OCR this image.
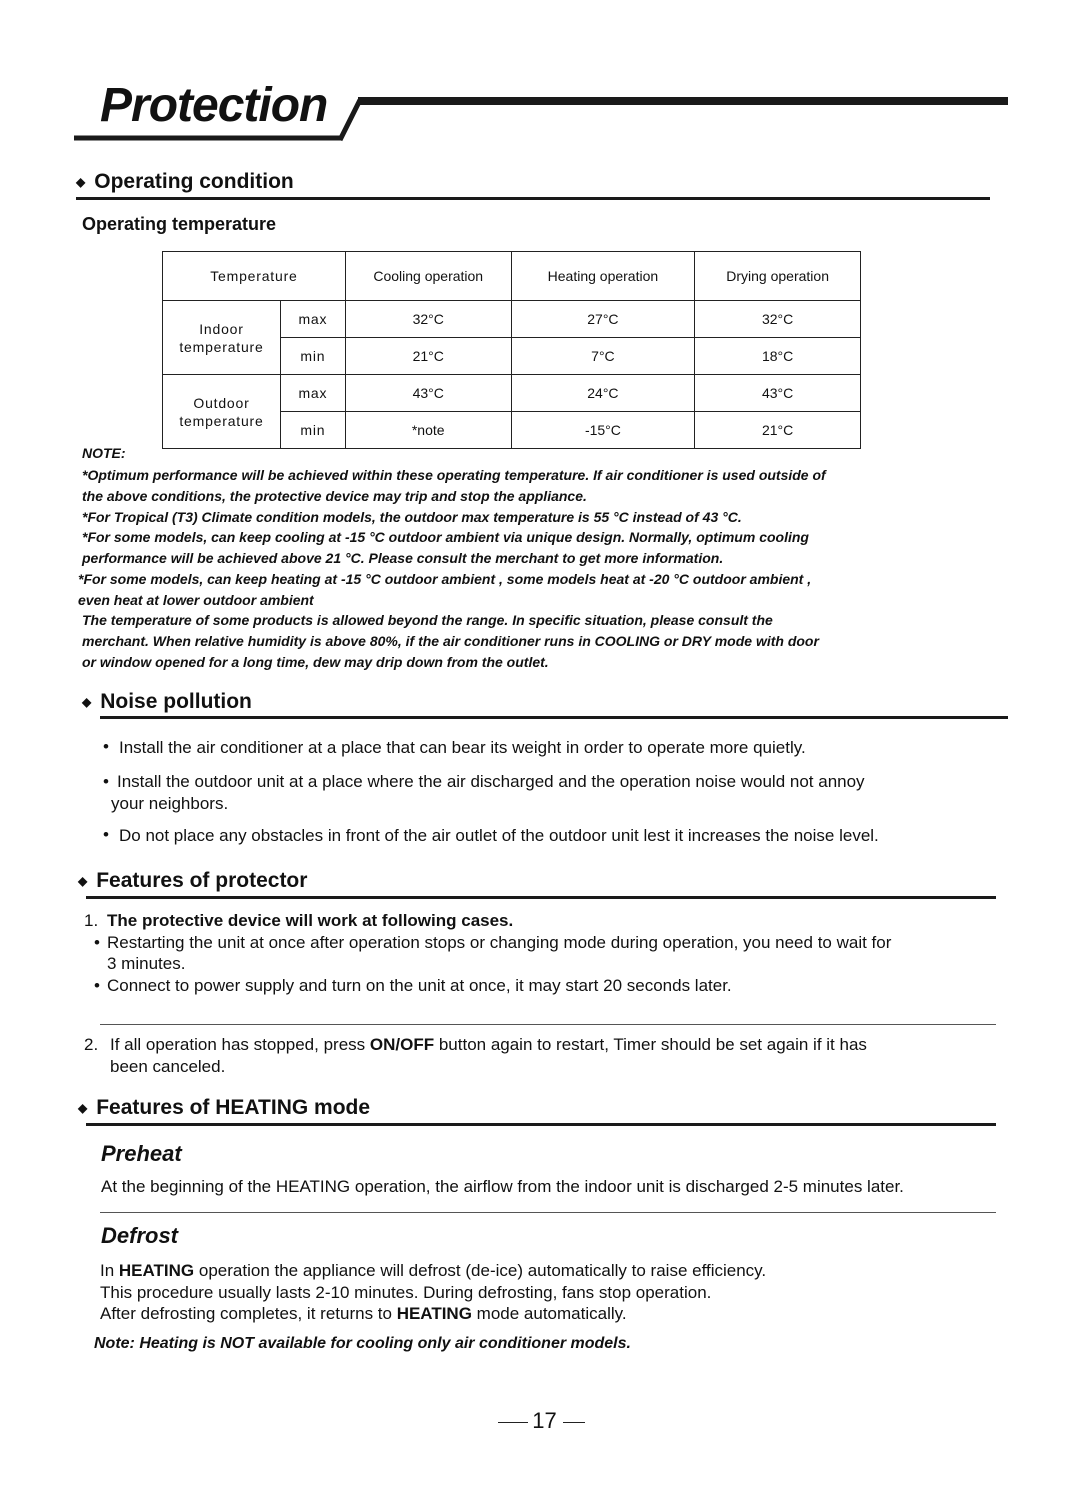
Protection
◆ Operating condition
Operating temperature
Temperature		Cooling operation	Heating operation	Drying operation
Indoor temperature	max	32°C	27°C	32°C
	min	21°C	7°C	18°C
Outdoor temperature	max	43°C	24°C	43°C
	min	*note	-15°C	21°C
NOTE:
*Optimum performance will be achieved within these operating temperature. If air conditioner is used outside of
the above conditions, the protective device may trip and stop the appliance.
*For Tropical (T3) Climate condition models, the outdoor max temperature is 55 °C instead of 43 °C.
*For some models, can keep cooling at -15 °C outdoor ambient via unique design. Normally, optimum cooling
performance will be achieved above 21 °C. Please consult the merchant to get more information.
*For some models, can keep heating at -15 °C outdoor ambient , some models heat at -20 °C outdoor ambient ,
even heat at lower outdoor ambient
The temperature of some products is allowed beyond the range. In specific situation, please consult the
merchant. When relative humidity is above 80%, if the air conditioner runs in COOLING or DRY mode with door
or window opened for a long time, dew may drip down from the outlet.
◆ Noise pollution
• Install the air conditioner at a place that can bear its weight in order to operate more quietly.
• Install the outdoor unit at a place where the air discharged and the operation noise would not annoy
your neighbors.
• Do not place any obstacles in front of the air outlet of the outdoor unit lest it increases the noise level.
◆ Features of protector
1. The protective device will work at following cases.
• Restarting the unit at once after operation stops or changing mode during operation, you need to wait for
3 minutes.
• Connect to power supply and turn on the unit at once, it may start 20 seconds later.
2. If all operation has stopped, press ON/OFF button again to restart, Timer should be set again if it has
been canceled.
◆ Features of HEATING mode
Preheat
At the beginning of the HEATING operation, the airflow from the indoor unit is discharged 2-5 minutes later.
Defrost
In HEATING operation the appliance will defrost (de-ice) automatically to raise efficiency.
This procedure usually lasts 2-10 minutes. During defrosting, fans stop operation.
After defrosting completes, it returns to HEATING mode automatically.
Note: Heating is NOT available for cooling only air conditioner models.
17
